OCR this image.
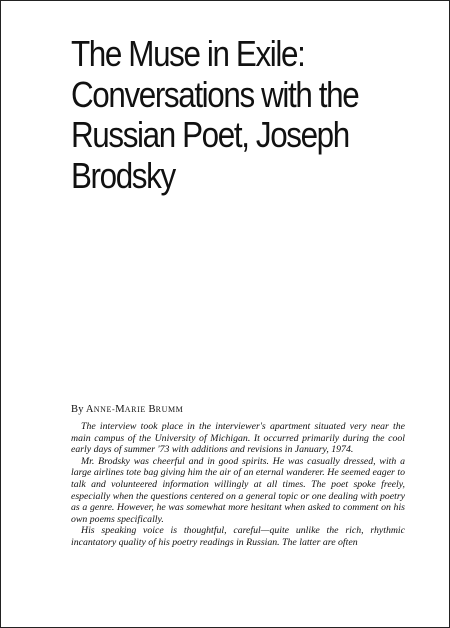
The Muse in Exile: Conversations with the Russian Poet, Joseph Brodsky
By ANNE-MARIE BRUMM

The interview took place in the interviewer's apartment situated very near the main campus of the University of Michigan. It occurred primarily during the cool early days of summer '73 with additions and revisions in January, 1974.

Mr. Brodsky was cheerful and in good spirits. He was casually dressed, with a large airlines tote bag giving him the air of an eternal wanderer. He seemed eager to talk and volunteered information willingly at all times. The poet spoke freely, especially when the questions centered on a general topic or one dealing with poetry as a genre. However, he was somewhat more hesitant when asked to comment on his own poems specifically.

His speaking voice is thoughtful, careful—quite unlike the rich, rhythmic incantatory quality of his poetry readings in Russian. The latter are often
